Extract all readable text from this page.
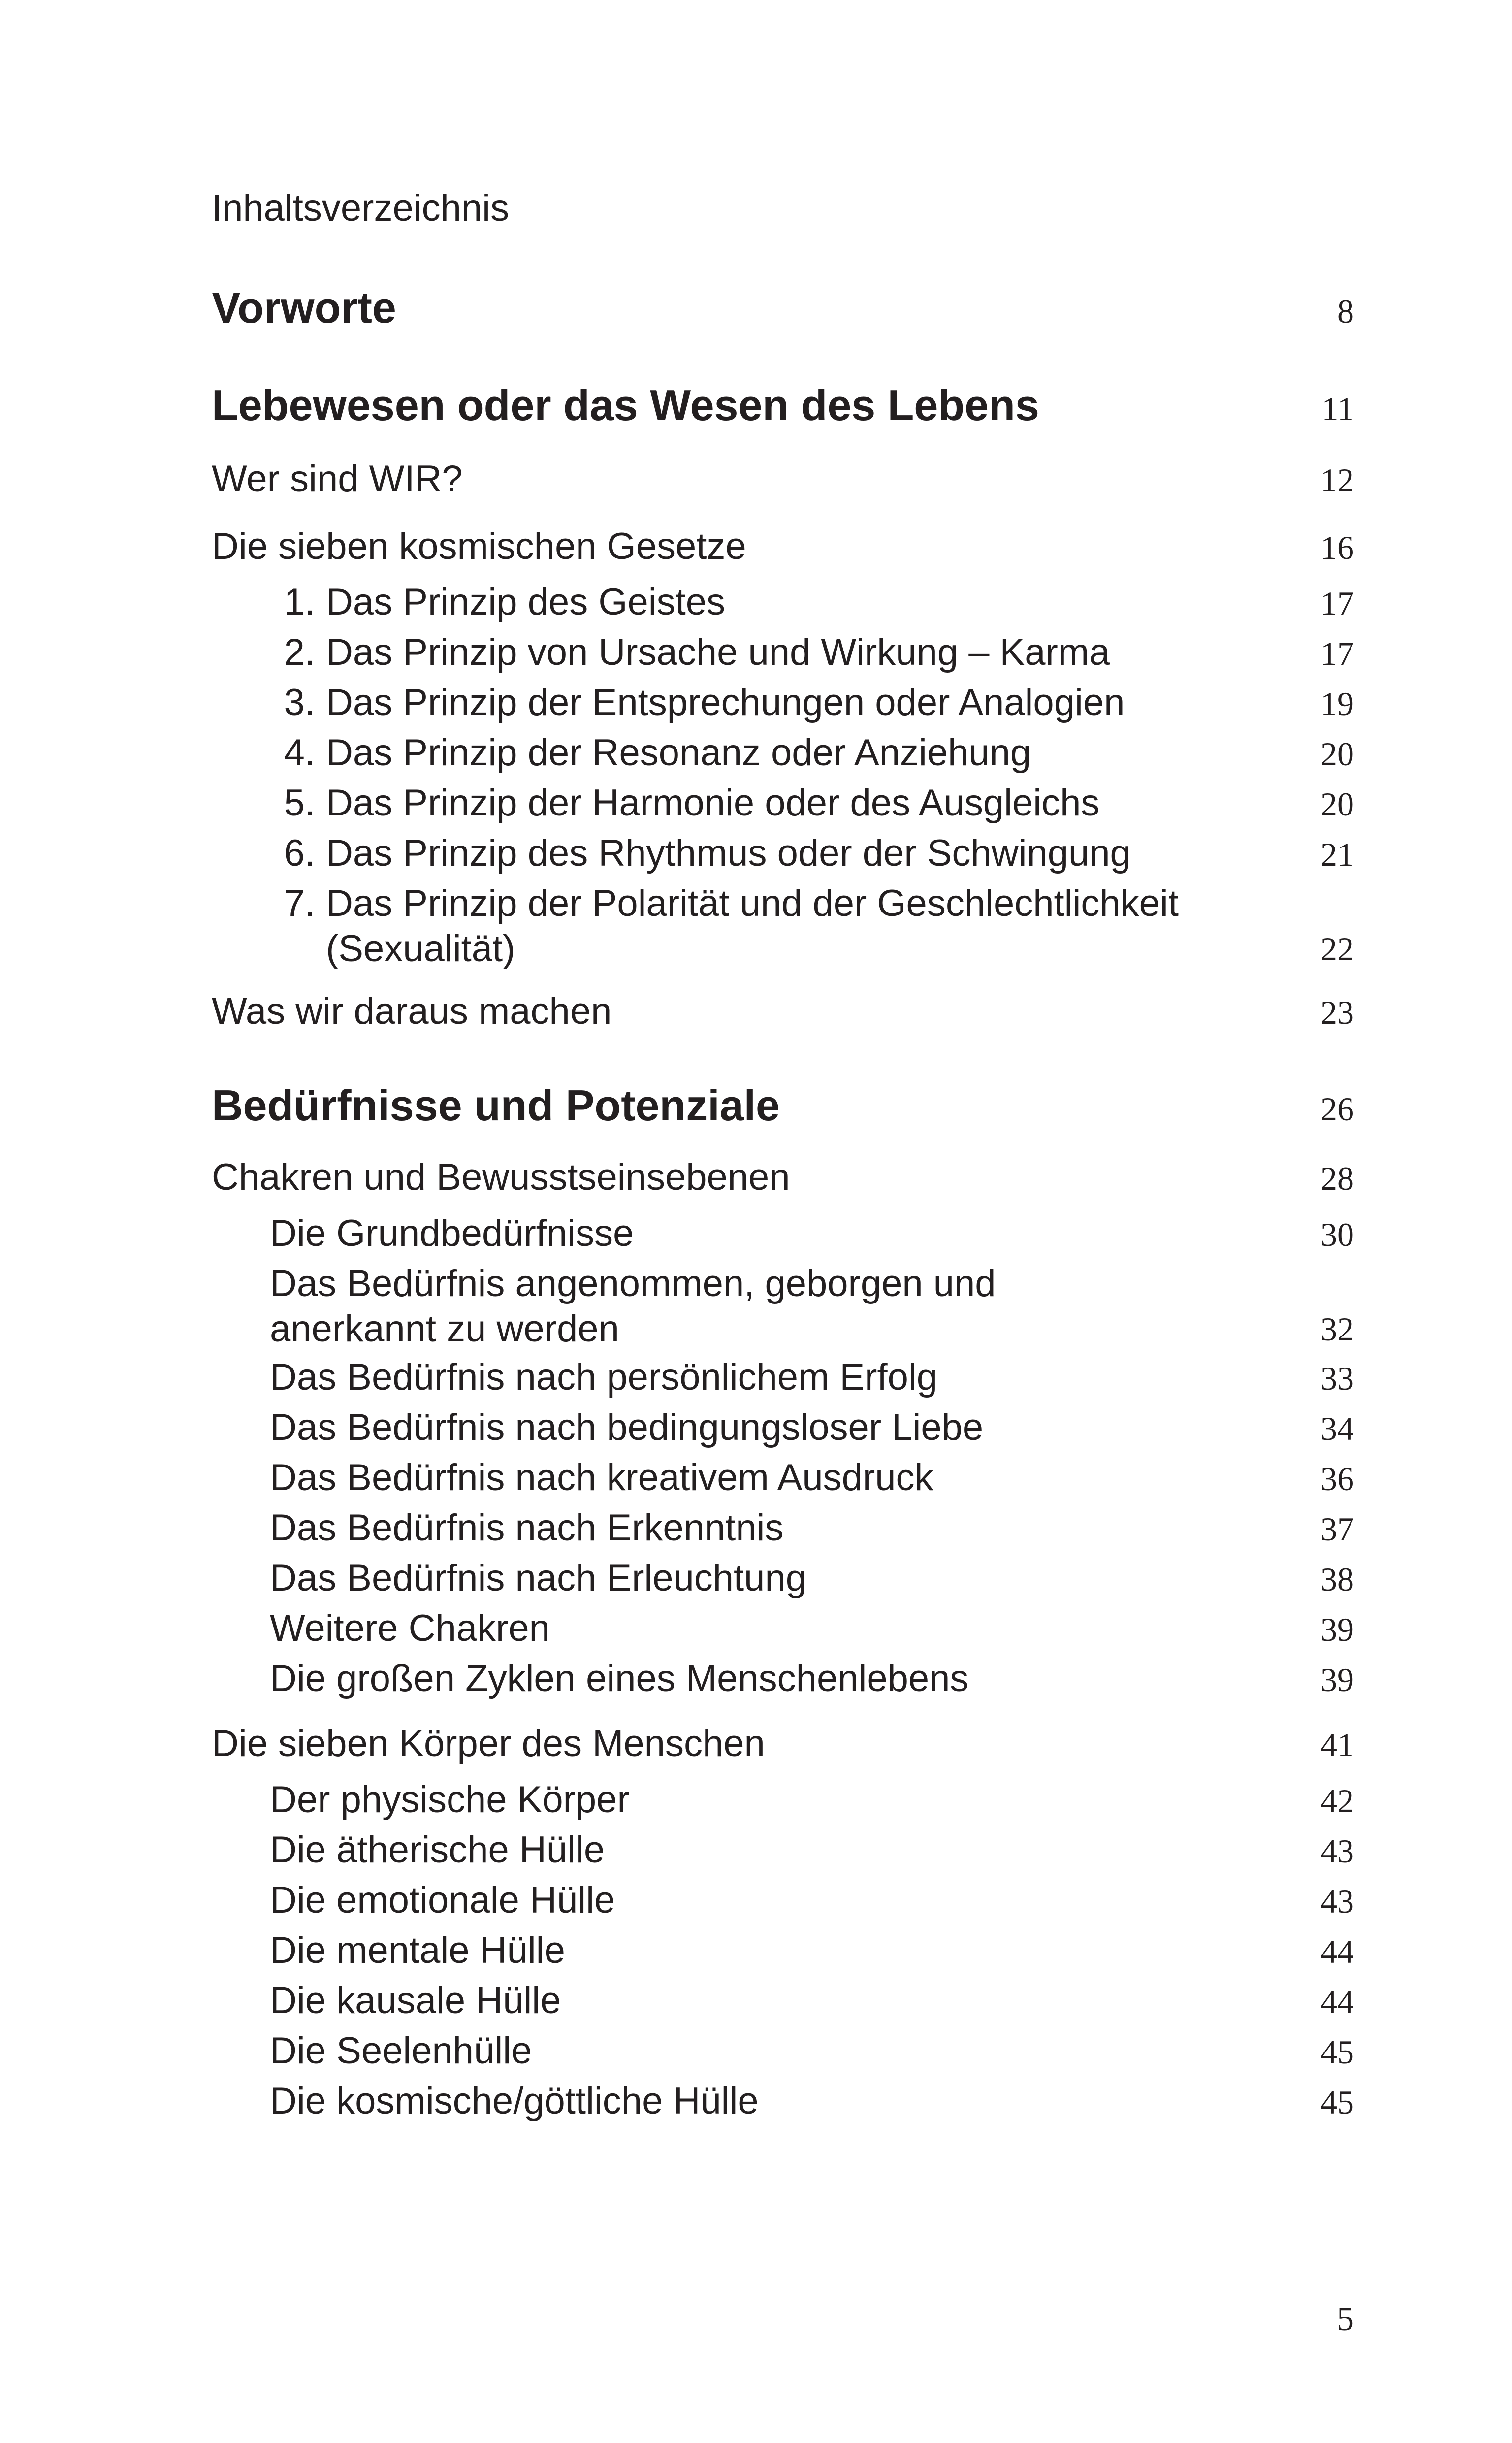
Inhaltsverzeichnis
Vorworte	8
Lebewesen oder das Wesen des Lebens	11
Wer sind WIR?	12
Die sieben kosmischen Gesetze	16
1. Das Prinzip des Geistes	17
2. Das Prinzip von Ursache und Wirkung – Karma	17
3. Das Prinzip der Entsprechungen oder Analogien	19
4. Das Prinzip der Resonanz oder Anziehung	20
5. Das Prinzip der Harmonie oder des Ausgleichs	20
6. Das Prinzip des Rhythmus oder der Schwingung	21
7. Das Prinzip der Polarität und der Geschlechtlichkeit
(Sexualität)	22
Was wir daraus machen	23
Bedürfnisse und Potenziale	26
Chakren und Bewusstseinsebenen	28
Die Grundbedürfnisse	30
Das Bedürfnis angenommen, geborgen und
anerkannt zu werden	32
Das Bedürfnis nach persönlichem Erfolg	33
Das Bedürfnis nach bedingungsloser Liebe	34
Das Bedürfnis nach kreativem Ausdruck	36
Das Bedürfnis nach Erkenntnis	37
Das Bedürfnis nach Erleuchtung	38
Weitere Chakren	39
Die großen Zyklen eines Menschenlebens	39
Die sieben Körper des Menschen	41
Der physische Körper	42
Die ätherische Hülle	43
Die emotionale Hülle	43
Die mentale Hülle	44
Die kausale Hülle	44
Die Seelenhülle	45
Die kosmische/göttliche Hülle	45
5
